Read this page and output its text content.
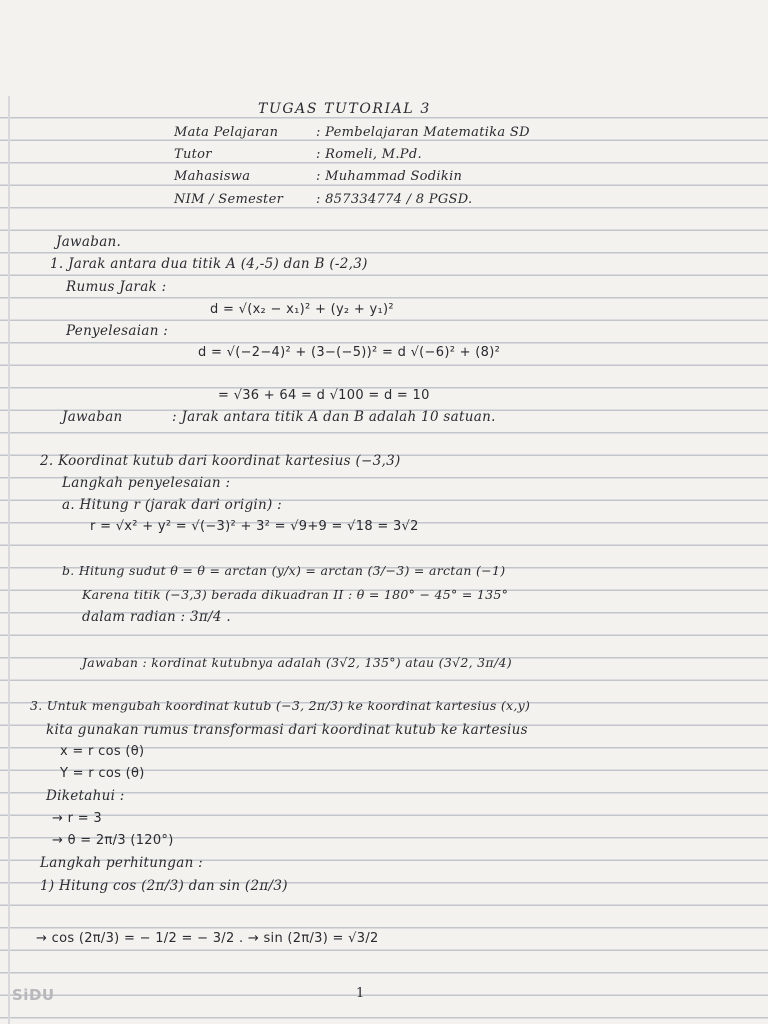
TUGAS TUTORIAL 3

Mata Pelajaran	: Pembelajaran Matematika SD

Tutor	: Romeli, M.Pd.

Mahasiswa	: Muhammad Sodikin

NIM / Semester	: 857334774 / 8 PGSD.

Jawaban.

1. Jarak antara dua titik A (4,-5) dan B (-2,3)

Rumus Jarak :

d = √(x₂ − x₁)² + (y₂ + y₁)²

Penyelesaian :

d = √(−2−4)² + (3−(−5))² = d √(−6)² + (8)²

= √36 + 64 = d √100 = d = 10

Jawaban	: Jarak antara titik A dan B adalah 10 satuan.

2. Koordinat kutub dari koordinat kartesius (−3,3)

Langkah penyelesaian :

a. Hitung r (jarak dari origin) :

r = √x² + y² = √(−3)² + 3² = √9+9 = √18 = 3√2

b. Hitung sudut θ = θ = arctan (y/x) = arctan (3/−3) = arctan (−1)

Karena titik (−3,3) berada dikuadran II : θ = 180° − 45° = 135°

dalam radian : 3π/4 .

Jawaban : kordinat kutubnya adalah (3√2, 135°) atau (3√2, 3π/4)

3. Untuk mengubah koordinat kutub (−3, 2π/3) ke koordinat kartesius (x,y)

kita gunakan rumus transformasi dari koordinat kutub ke kartesius

x = r cos (θ)

Y = r cos (θ)

Diketahui :

→ r = 3

→ θ = 2π/3 (120°)

Langkah perhitungan :

1) Hitung cos (2π/3) dan sin (2π/3)

→ cos (2π/3) = − 1/2 = − 3/2 . → sin (2π/3) = √3/2

SiDU	1
